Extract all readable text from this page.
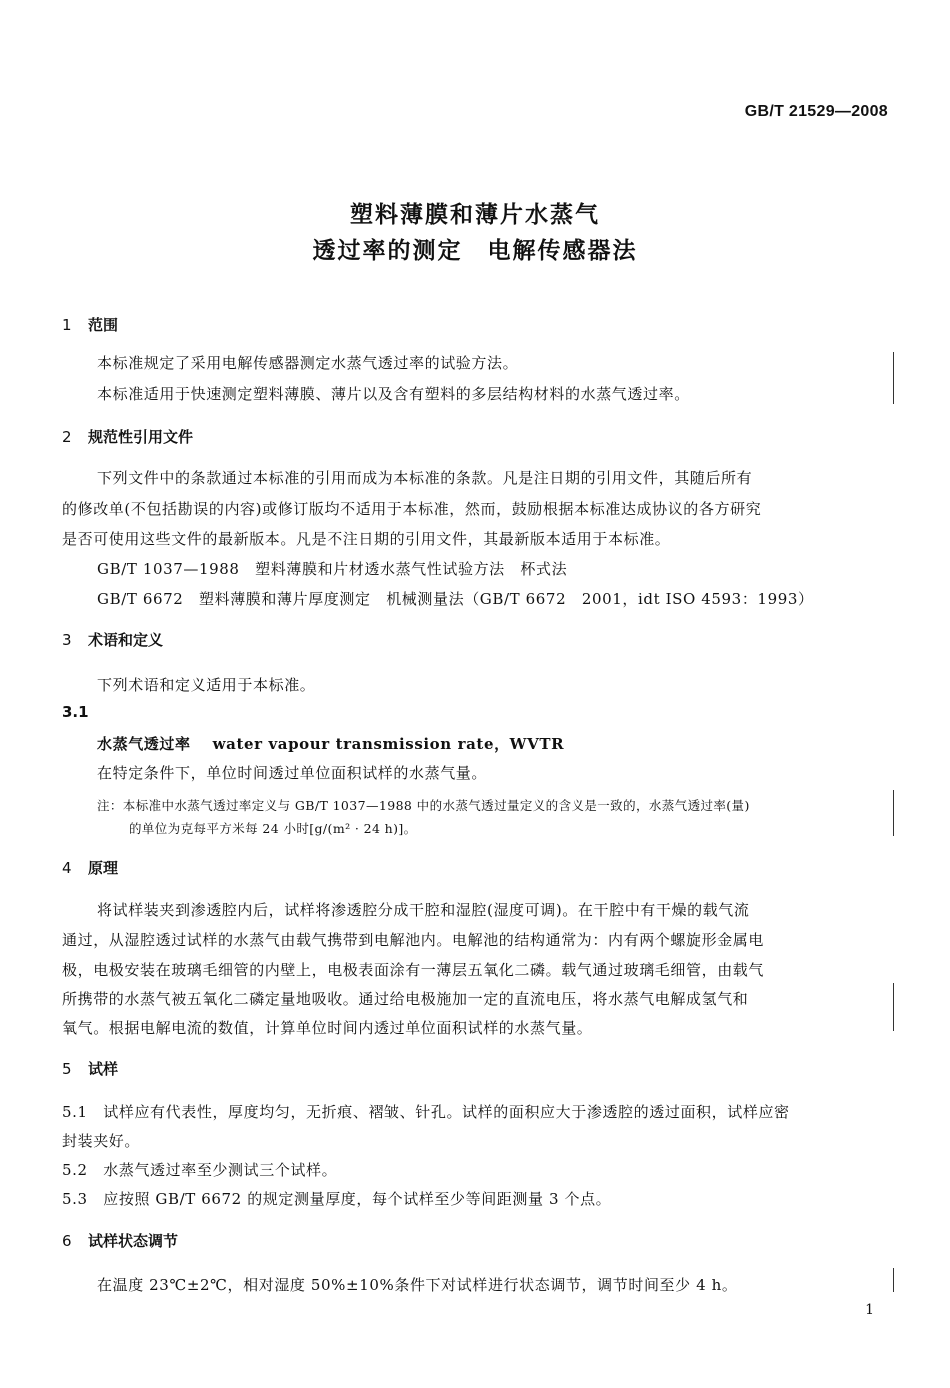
GB/T 21529—2008
塑料薄膜和薄片水蒸气
透过率的测定　电解传感器法
1 范围
本标准规定了采用电解传感器测定水蒸气透过率的试验方法。
本标准适用于快速测定塑料薄膜、薄片以及含有塑料的多层结构材料的水蒸气透过率。
2 规范性引用文件
下列文件中的条款通过本标准的引用而成为本标准的条款。凡是注日期的引用文件，其随后所有
的修改单(不包括勘误的内容)或修订版均不适用于本标准，然而，鼓励根据本标准达成协议的各方研究
是否可使用这些文件的最新版本。凡是不注日期的引用文件，其最新版本适用于本标准。
GB/T 1037—1988　塑料薄膜和片材透水蒸气性试验方法　杯式法
GB/T 6672　塑料薄膜和薄片厚度测定　机械测量法（GB/T 6672　2001，idt ISO 4593：1993）
3 术语和定义
下列术语和定义适用于本标准。
3.1
水蒸气透过率 water vapour transmission rate，WVTR
在特定条件下，单位时间透过单位面积试样的水蒸气量。
注：本标准中水蒸气透过率定义与 GB/T 1037—1988 中的水蒸气透过量定义的含义是一致的，水蒸气透过率(量)
的单位为克每平方米每 24 小时[g/(m² · 24 h)]。
4 原理
将试样装夹到渗透腔内后，试样将渗透腔分成干腔和湿腔(湿度可调)。在干腔中有干燥的载气流
通过，从湿腔透过试样的水蒸气由载气携带到电解池内。电解池的结构通常为：内有两个螺旋形金属电
极，电极安装在玻璃毛细管的内壁上，电极表面涂有一薄层五氧化二磷。载气通过玻璃毛细管，由载气
所携带的水蒸气被五氧化二磷定量地吸收。通过给电极施加一定的直流电压，将水蒸气电解成氢气和
氧气。根据电解电流的数值，计算单位时间内透过单位面积试样的水蒸气量。
5 试样
5.1　试样应有代表性，厚度均匀，无折痕、褶皱、针孔。试样的面积应大于渗透腔的透过面积，试样应密
封装夹好。
5.2　水蒸气透过率至少测试三个试样。
5.3　应按照 GB/T 6672 的规定测量厚度，每个试样至少等间距测量 3 个点。
6 试样状态调节
在温度 23℃±2℃，相对湿度 50%±10%条件下对试样进行状态调节，调节时间至少 4 h。
1
